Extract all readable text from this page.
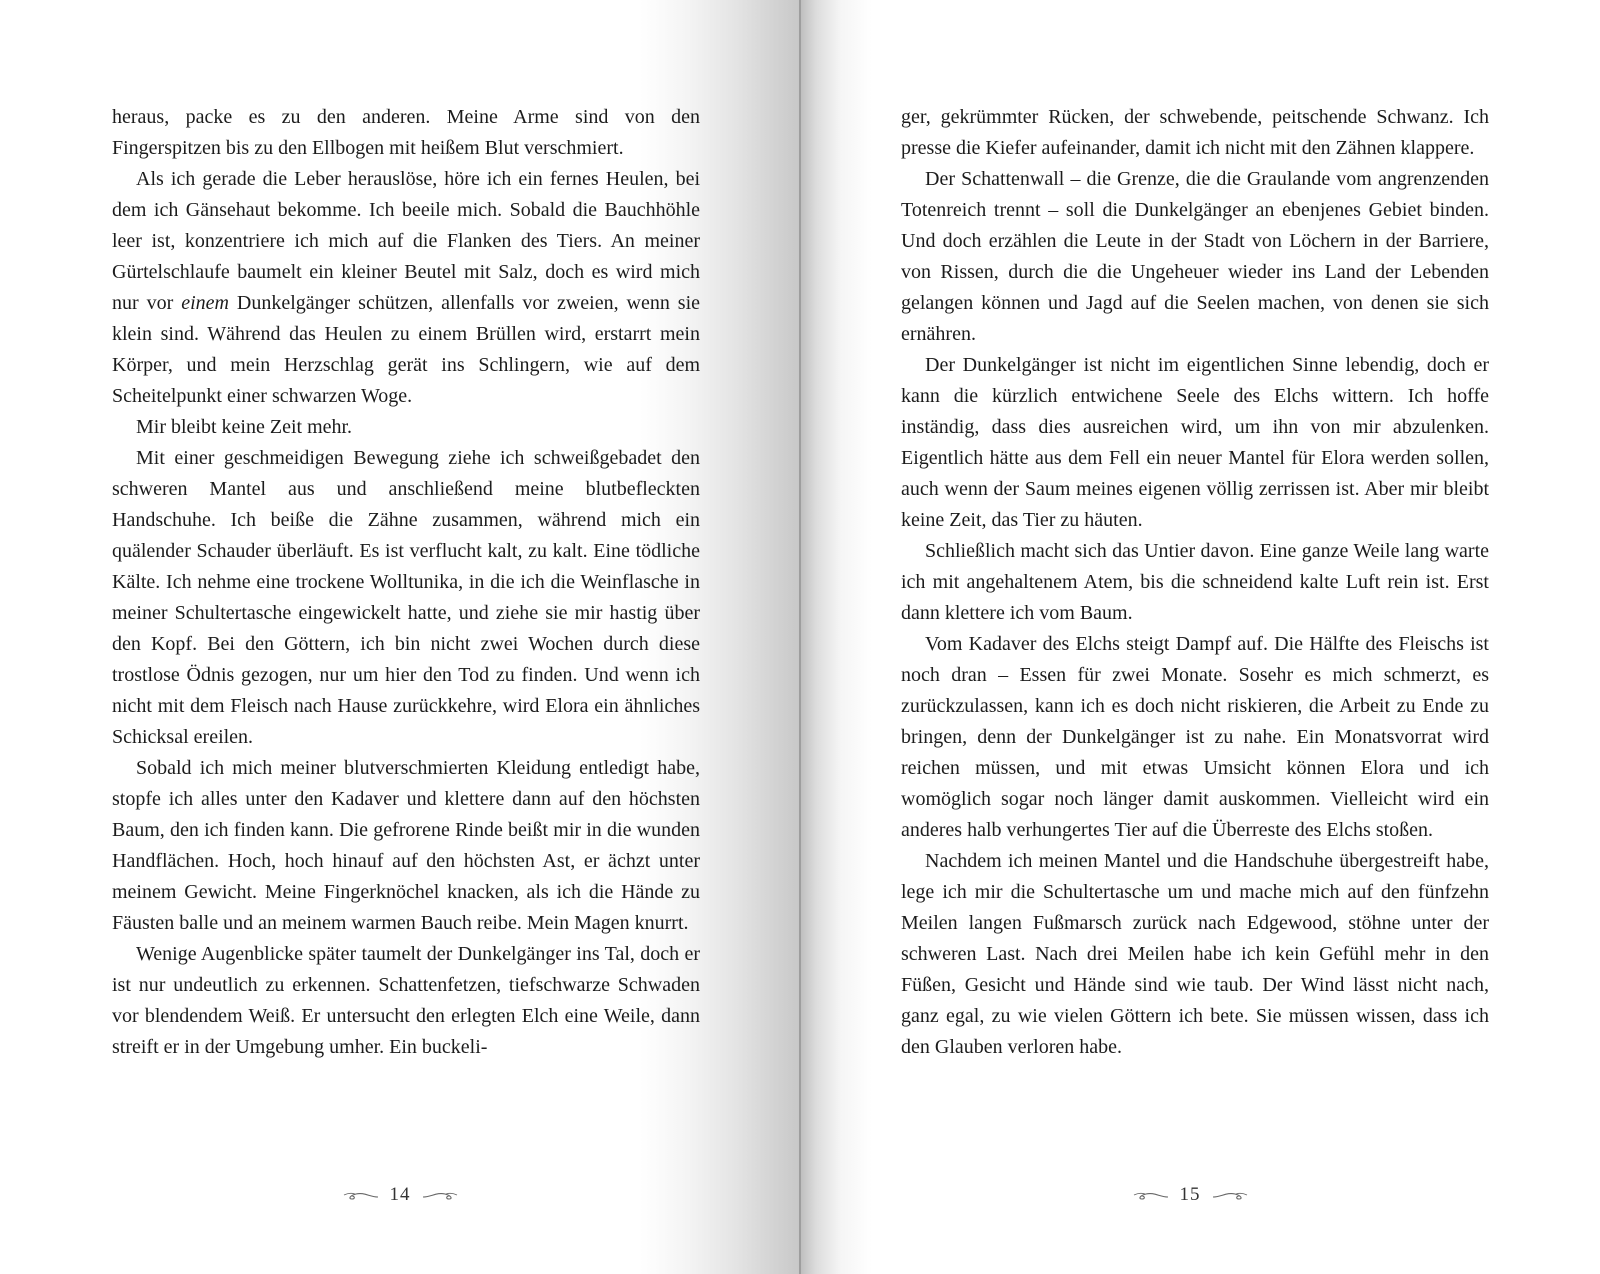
heraus, packe es zu den anderen. Meine Arme sind von den Fingerspitzen bis zu den Ellbogen mit heißem Blut verschmiert.

Als ich gerade die Leber herauslöse, höre ich ein fernes Heulen, bei dem ich Gänsehaut bekomme. Ich beeile mich. Sobald die Bauchhöhle leer ist, konzentriere ich mich auf die Flanken des Tiers. An meiner Gürtelschlaufe baumelt ein kleiner Beutel mit Salz, doch es wird mich nur vor einem Dunkelgänger schützen, allenfalls vor zweien, wenn sie klein sind. Während das Heulen zu einem Brüllen wird, erstarrt mein Körper, und mein Herzschlag gerät ins Schlingern, wie auf dem Scheitelpunkt einer schwarzen Woge.

Mir bleibt keine Zeit mehr.

Mit einer geschmeidigen Bewegung ziehe ich schweißgebadet den schweren Mantel aus und anschließend meine blutbefleckten Handschuhe. Ich beiße die Zähne zusammen, während mich ein quälender Schauder überläuft. Es ist verflucht kalt, zu kalt. Eine tödliche Kälte. Ich nehme eine trockene Wolltunika, in die ich die Weinflasche in meiner Schultertasche eingewickelt hatte, und ziehe sie mir hastig über den Kopf. Bei den Göttern, ich bin nicht zwei Wochen durch diese trostlose Ödnis gezogen, nur um hier den Tod zu finden. Und wenn ich nicht mit dem Fleisch nach Hause zurückkehre, wird Elora ein ähnliches Schicksal ereilen.

Sobald ich mich meiner blutverschmierten Kleidung entledigt habe, stopfe ich alles unter den Kadaver und klettere dann auf den höchsten Baum, den ich finden kann. Die gefrorene Rinde beißt mir in die wunden Handflächen. Hoch, hoch hinauf auf den höchsten Ast, er ächzt unter meinem Gewicht. Meine Fingerknöchel knacken, als ich die Hände zu Fäusten balle und an meinem warmen Bauch reibe. Mein Magen knurrt.

Wenige Augenblicke später taumelt der Dunkelgänger ins Tal, doch er ist nur undeutlich zu erkennen. Schattenfetzen, tiefschwarze Schwaden vor blendendem Weiß. Er untersucht den erlegten Elch eine Weile, dann streift er in der Umgebung umher. Ein buckeli-

14

ger, gekrümmter Rücken, der schwebende, peitschende Schwanz. Ich presse die Kiefer aufeinander, damit ich nicht mit den Zähnen klappere.

Der Schattenwall – die Grenze, die die Graulande vom angrenzenden Totenreich trennt – soll die Dunkelgänger an ebenjenes Gebiet binden. Und doch erzählen die Leute in der Stadt von Löchern in der Barriere, von Rissen, durch die die Ungeheuer wieder ins Land der Lebenden gelangen können und Jagd auf die Seelen machen, von denen sie sich ernähren.

Der Dunkelgänger ist nicht im eigentlichen Sinne lebendig, doch er kann die kürzlich entwichene Seele des Elchs wittern. Ich hoffe inständig, dass dies ausreichen wird, um ihn von mir abzulenken. Eigentlich hätte aus dem Fell ein neuer Mantel für Elora werden sollen, auch wenn der Saum meines eigenen völlig zerrissen ist. Aber mir bleibt keine Zeit, das Tier zu häuten.

Schließlich macht sich das Untier davon. Eine ganze Weile lang warte ich mit angehaltenem Atem, bis die schneidend kalte Luft rein ist. Erst dann klettere ich vom Baum.

Vom Kadaver des Elchs steigt Dampf auf. Die Hälfte des Fleischs ist noch dran – Essen für zwei Monate. Sosehr es mich schmerzt, es zurückzulassen, kann ich es doch nicht riskieren, die Arbeit zu Ende zu bringen, denn der Dunkelgänger ist zu nahe. Ein Monatsvorrat wird reichen müssen, und mit etwas Umsicht können Elora und ich womöglich sogar noch länger damit auskommen. Vielleicht wird ein anderes halb verhungertes Tier auf die Überreste des Elchs stoßen.

Nachdem ich meinen Mantel und die Handschuhe übergestreift habe, lege ich mir die Schultertasche um und mache mich auf den fünfzehn Meilen langen Fußmarsch zurück nach Edgewood, stöhne unter der schweren Last. Nach drei Meilen habe ich kein Gefühl mehr in den Füßen, Gesicht und Hände sind wie taub. Der Wind lässt nicht nach, ganz egal, zu wie vielen Göttern ich bete. Sie müssen wissen, dass ich den Glauben verloren habe.

15
